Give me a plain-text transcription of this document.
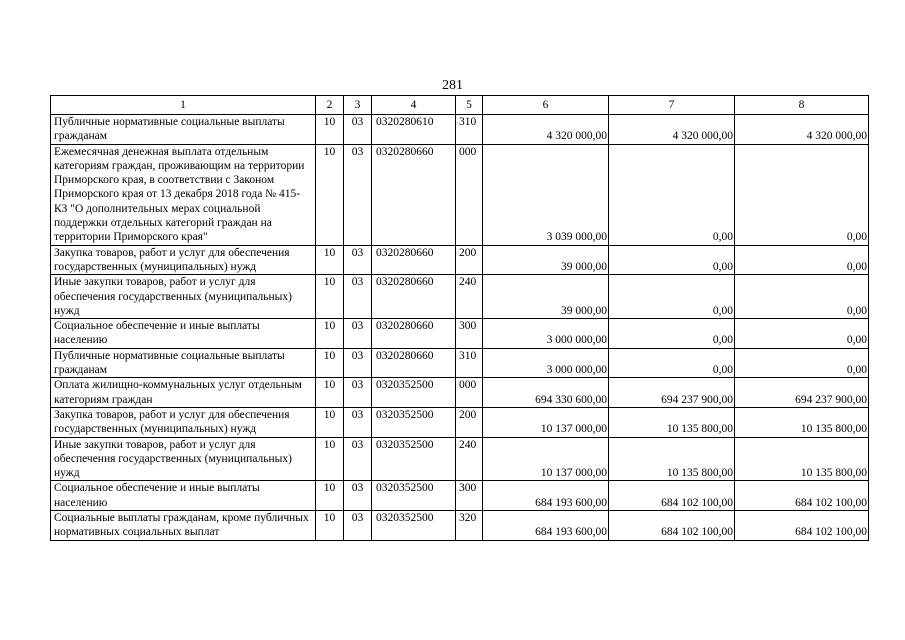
281
1	2	3	4	5	6	7	8
Публичные нормативные социальные выплаты гражданам	10	03	0320280610	310	4 320 000,00	4 320 000,00	4 320 000,00
Ежемесячная денежная выплата отдельным категориям граждан, проживающим на территории Приморского края, в соответствии с Законом Приморского края от 13 декабря 2018 года № 415-КЗ "О дополнительных мерах социальной поддержки отдельных категорий граждан на территории Приморского края"	10	03	0320280660	000	3 039 000,00	0,00	0,00
Закупка товаров, работ и услуг для обеспечения государственных (муниципальных) нужд	10	03	0320280660	200	39 000,00	0,00	0,00
Иные закупки товаров, работ и услуг для обеспечения государственных (муниципальных) нужд	10	03	0320280660	240	39 000,00	0,00	0,00
Социальное обеспечение и иные выплаты населению	10	03	0320280660	300	3 000 000,00	0,00	0,00
Публичные нормативные социальные выплаты гражданам	10	03	0320280660	310	3 000 000,00	0,00	0,00
Оплата жилищно-коммунальных услуг отдельным категориям граждан	10	03	0320352500	000	694 330 600,00	694 237 900,00	694 237 900,00
Закупка товаров, работ и услуг для обеспечения государственных (муниципальных) нужд	10	03	0320352500	200	10 137 000,00	10 135 800,00	10 135 800,00
Иные закупки товаров, работ и услуг для обеспечения государственных (муниципальных) нужд	10	03	0320352500	240	10 137 000,00	10 135 800,00	10 135 800,00
Социальное обеспечение и иные выплаты населению	10	03	0320352500	300	684 193 600,00	684 102 100,00	684 102 100,00
Социальные выплаты гражданам, кроме публичных нормативных социальных выплат	10	03	0320352500	320	684 193 600,00	684 102 100,00	684 102 100,00
